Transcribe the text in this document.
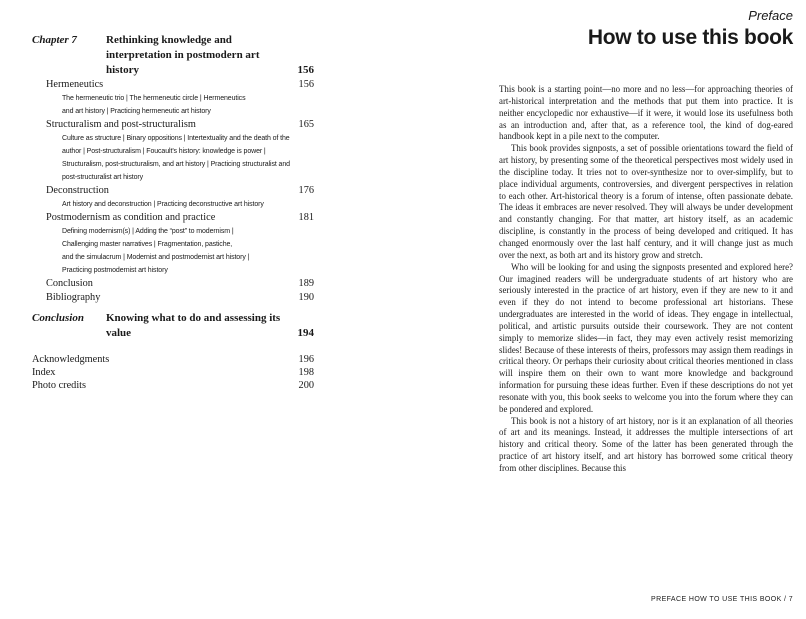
Chapter 7	Rethinking knowledge and interpretation in postmodern art history	156
Hermeneutics	156
The hermeneutic trio | The hermeneutic circle | Hermeneutics
and art history | Practicing hermeneutic art history
Structuralism and post-structuralism	165
Culture as structure | Binary oppositions | Intertextuality and the death of the
author | Post-structuralism | Foucault's history: knowledge is power |
Structuralism, post-structuralism, and art history | Practicing structuralist and
post-structuralist art history
Deconstruction	176
Art history and deconstruction | Practicing deconstructive art history
Postmodernism as condition and practice	181
Defining modernism(s) | Adding the “post” to modernism |
Challenging master narratives | Fragmentation, pastiche,
and the simulacrum | Modernist and postmodernist art history |
Practicing postmodernist art history
Conclusion	189
Bibliography	190
Conclusion Knowing what to do and assessing its value	194
Acknowledgments	196
Index	198
Photo credits	200
Preface
How to use this book

This book is a starting point—no more and no less—for approaching theories of art-historical interpretation and the methods that put them into practice. It is neither encyclopedic nor exhaustive—if it were, it would lose its usefulness both as an introduction and, after that, as a reference tool, the kind of dog-eared handbook kept in a pile next to the computer.

This book provides signposts, a set of possible orientations toward the field of art history, by presenting some of the theoretical perspectives most widely used in the discipline today. It tries not to over-synthesize nor to over-simplify, but to place individual arguments, controversies, and divergent perspectives in relation to each other. Art-historical theory is a forum of intense, often passionate debate. The ideas it embraces are never resolved. They will always be under development and constantly changing. For that matter, art history itself, as an academic discipline, is constantly in the process of being developed and critiqued. It has changed enormously over the last half century, and it will change just as much over the next, as both art and its history grow and stretch.

Who will be looking for and using the signposts presented and explored here? Our imagined readers will be undergraduate students of art history who are seriously interested in the practice of art history, even if they are new to it and even if they do not intend to become professional art historians. These undergraduates are interested in the world of ideas. They engage in intellectual, political, and artistic pursuits outside their coursework. They are not content simply to memorize slides—in fact, they may even actively resist memorizing slides! Because of these interests of theirs, professors may assign them readings in critical theory. Or perhaps their curiosity about critical theories mentioned in class will inspire them on their own to want more knowledge and background information for pursuing these ideas further. Even if these descriptions do not yet resonate with you, this book seeks to welcome you into the forum where they can be pondered and explored.

This book is not a history of art history, nor is it an explanation of all theories of art and its meanings. Instead, it addresses the multiple intersections of art history and critical theory. Some of the latter has been generated through the practice of art history itself, and art history has borrowed some critical theory from other disciplines. Because this

PREFACE HOW TO USE THIS BOOK / 7
